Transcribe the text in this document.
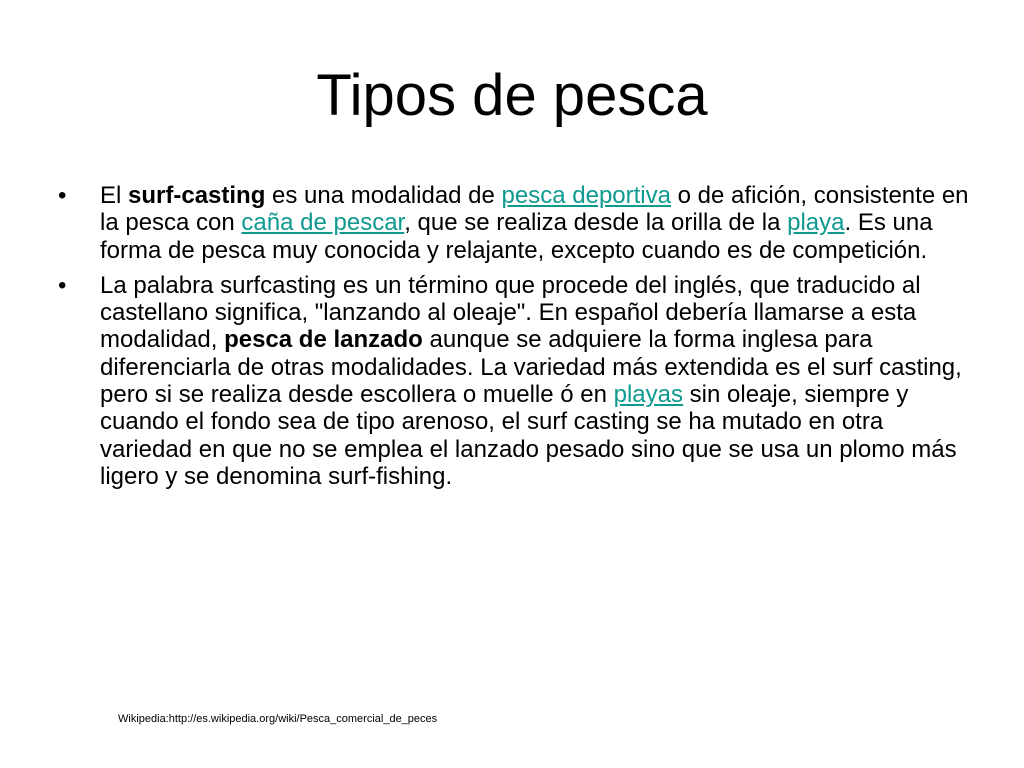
Tipos de pesca
• El surf-casting es una modalidad de pesca deportiva o de afición, consistente en la pesca con caña de pescar, que se realiza desde la orilla de la playa. Es una forma de pesca muy conocida y relajante, excepto cuando es de competición.
• La palabra surfcasting es un término que procede del inglés, que traducido al castellano significa, "lanzando al oleaje". En español debería llamarse a esta modalidad, pesca de lanzado aunque se adquiere la forma inglesa para diferenciarla de otras modalidades. La variedad más extendida es el surf casting, pero si se realiza desde escollera o muelle ó en playas sin oleaje, siempre y cuando el fondo sea de tipo arenoso, el surf casting se ha mutado en otra variedad en que no se emplea el lanzado pesado sino que se usa un plomo más ligero y se denomina surf-fishing.
Wikipedia:http://es.wikipedia.org/wiki/Pesca_comercial_de_peces
